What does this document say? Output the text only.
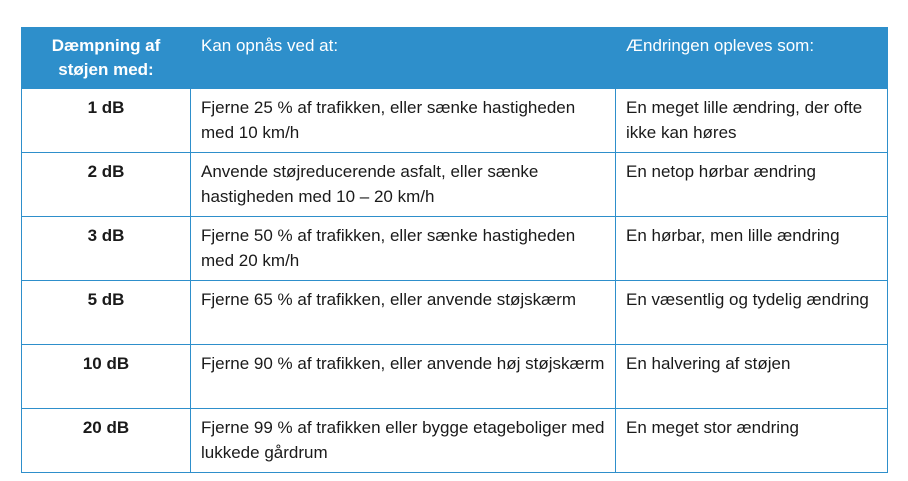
Dæmpning af støjen med:	Kan opnås ved at:	Ændringen opleves som:
1 dB	Fjerne 25 % af trafikken, eller sænke hastigheden med 10 km/h	En meget lille ændring, der ofte ikke kan høres
2 dB	Anvende støjreducerende asfalt, eller sænke hastigheden med 10 – 20 km/h	En netop hørbar ændring
3 dB	Fjerne 50 % af trafikken, eller sænke hastigheden med 20 km/h	En hørbar, men lille ændring
5 dB	Fjerne 65 % af trafikken, eller anvende støjskærm	En væsentlig og tydelig ændring
10 dB	Fjerne 90 % af trafikken, eller anvende høj støjskærm	En halvering af støjen
20 dB	Fjerne 99 % af trafikken eller bygge etageboliger med lukkede gårdrum	En meget stor ændring
